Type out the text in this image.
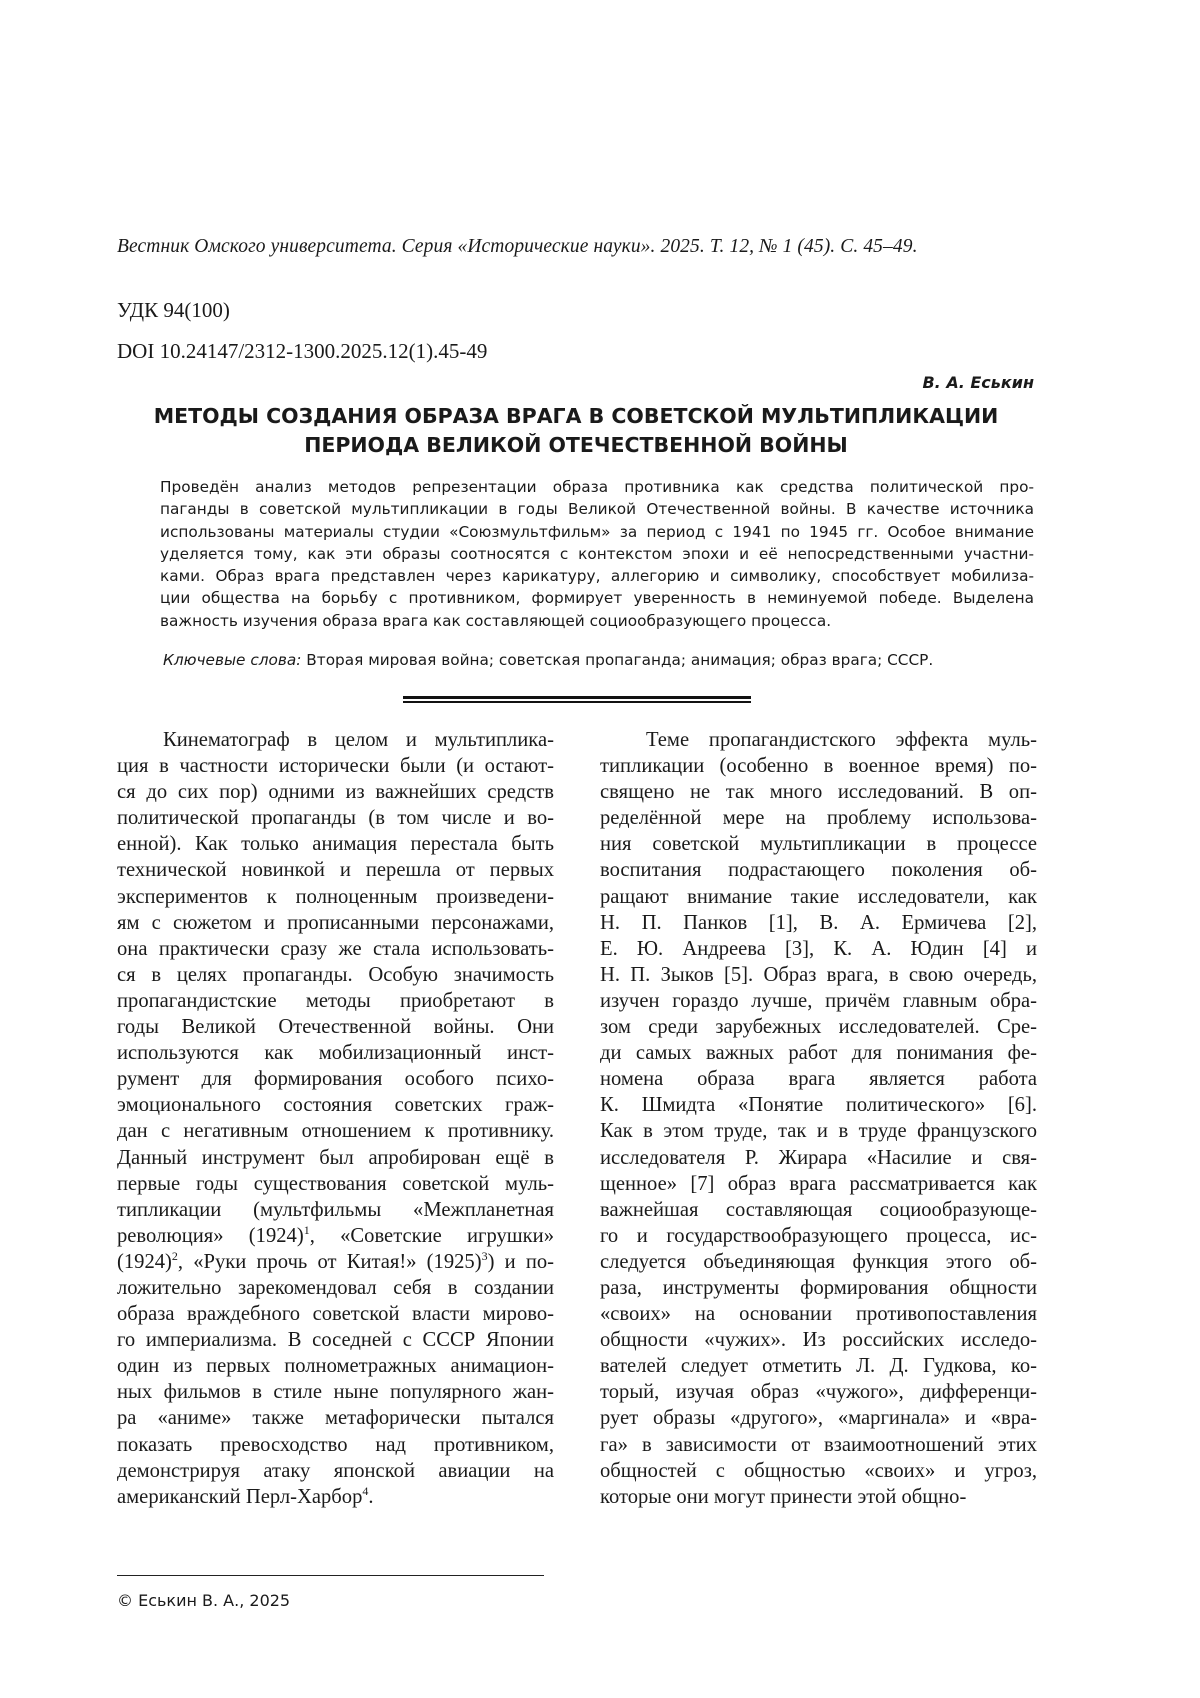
Вестник Омского университета. Серия «Исторические науки». 2025. Т. 12, № 1 (45). С. 45–49.
УДК 94(100)
DOI 10.24147/2312-1300.2025.12(1).45-49
В. А. Еськин
МЕТОДЫ СОЗДАНИЯ ОБРАЗА ВРАГА В СОВЕТСКОЙ МУЛЬТИПЛИКАЦИИ
ПЕРИОДА ВЕЛИКОЙ ОТЕЧЕСТВЕННОЙ ВОЙНЫ
Проведён анализ методов репрезентации образа противника как средства политической про-
паганды в советской мультипликации в годы Великой Отечественной войны. В качестве источника
использованы материалы студии «Союзмультфильм» за период с 1941 по 1945 гг. Особое внимание
уделяется тому, как эти образы соотносятся с контекстом эпохи и её непосредственными участни-
ками. Образ врага представлен через карикатуру, аллегорию и символику, способствует мобилиза-
ции общества на борьбу с противником, формирует уверенность в неминуемой победе. Выделена
важность изучения образа врага как составляющей социообразующего процесса.
Ключевые слова: Вторая мировая война; советская пропаганда; анимация; образ врага; СССР.
Кинематограф в целом и мультиплика-
ция в частности исторически были (и остают-
ся до сих пор) одними из важнейших средств
политической пропаганды (в том числе и во-
енной). Как только анимация перестала быть
технической новинкой и перешла от первых
экспериментов к полноценным произведени-
ям с сюжетом и прописанными персонажами,
она практически сразу же стала использовать-
ся в целях пропаганды. Особую значимость
пропагандистские методы приобретают в
годы Великой Отечественной войны. Они
используются как мобилизационный инст-
румент для формирования особого психо-
эмоционального состояния советских граж-
дан с негативным отношением к противнику.
Данный инструмент был апробирован ещё в
первые годы существования советской муль-
типликации (мультфильмы «Межпланетная
революция» $(1924)^1$, «Советские игрушки»
$(1924)^2$, «Руки прочь от Китая!» $(1925)^3$) и по-
ложительно зарекомендовал себя в создании
образа враждебного советской власти мирово-
го империализма. В соседней с СССР Японии
один из первых полнометражных анимацион-
ных фильмов в стиле ныне популярного жан-
ра «аниме» также метафорически пытался
показать превосходство над противником,
демонстрируя атаку японской авиации на
американский Перл-Харбор$^4$.
Теме пропагандистского эффекта муль-
типликации (особенно в военное время) по-
священо не так много исследований. В оп-
ределённой мере на проблему использова-
ния советской мультипликации в процессе
воспитания подрастающего поколения об-
ращают внимание такие исследователи, как
Н. П. Панков [1], В. А. Ермичева [2],
Е. Ю. Андреева [3], К. А. Юдин [4] и
Н. П. Зыков [5]. Образ врага, в свою очередь,
изучен гораздо лучше, причём главным обра-
зом среди зарубежных исследователей. Сре-
ди самых важных работ для понимания фе-
номена образа врага является работа
К. Шмидта «Понятие политического» [6].
Как в этом труде, так и в труде французского
исследователя Р. Жирара «Насилие и свя-
щенное» [7] образ врага рассматривается как
важнейшая составляющая социообразующе-
го и государствообразующего процесса, ис-
следуется объединяющая функция этого об-
раза, инструменты формирования общности
«своих» на основании противопоставления
общности «чужих». Из российских исследо-
вателей следует отметить Л. Д. Гудкова, ко-
торый, изучая образ «чужого», дифференци-
рует образы «другого», «маргинала» и «вра-
га» в зависимости от взаимоотношений этих
общностей с общностью «своих» и угроз,
которые они могут принести этой общно-
© Еськин В. А., 2025
